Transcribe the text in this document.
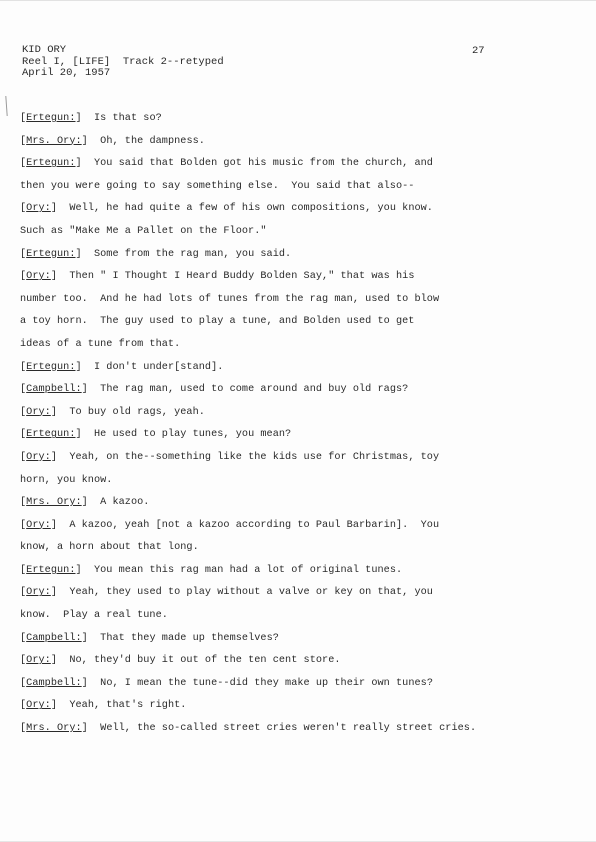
KID ORY
Reel I, [LIFE]  Track 2--retyped
April 20, 1957
27
[Ertegun:]  Is that so?
[Mrs. Ory:]  Oh, the dampness.
[Ertegun:]  You said that Bolden got his music from the church, and
then you were going to say something else.  You said that also--
[Ory:]  Well, he had quite a few of his own compositions, you know.
Such as "Make Me a Pallet on the Floor."
[Ertegun:]  Some from the rag man, you said.
[Ory:]  Then " I Thought I Heard Buddy Bolden Say," that was his
number too.  And he had lots of tunes from the rag man, used to blow
a toy horn.  The guy used to play a tune, and Bolden used to get
ideas of a tune from that.
[Ertegun:]  I don't under[stand].
[Campbell:]  The rag man, used to come around and buy old rags?
[Ory:]  To buy old rags, yeah.
[Ertegun:]  He used to play tunes, you mean?
[Ory:]  Yeah, on the--something like the kids use for Christmas, toy
horn, you know.
[Mrs. Ory:]  A kazoo.
[Ory:]  A kazoo, yeah [not a kazoo according to Paul Barbarin].  You
know, a horn about that long.
[Ertegun:]  You mean this rag man had a lot of original tunes.
[Ory:]  Yeah, they used to play without a valve or key on that, you
know.  Play a real tune.
[Campbell:]  That they made up themselves?
[Ory:]  No, they'd buy it out of the ten cent store.
[Campbell:]  No, I mean the tune--did they make up their own tunes?
[Ory:]  Yeah, that's right.
[Mrs. Ory:]  Well, the so-called street cries weren't really street cries.
